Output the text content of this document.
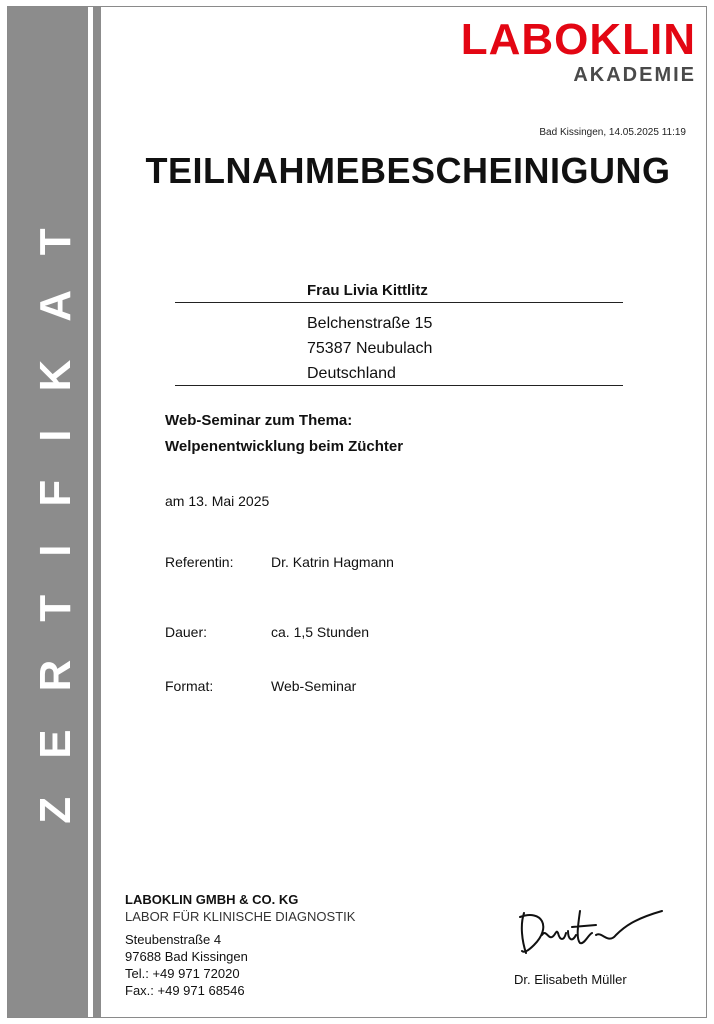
ZERTIFIKAT
LABOKLIN
AKADEMIE
Bad Kissingen, 14.05.2025 11:19
TEILNAHMEBESCHEINIGUNG
Frau Livia Kittlitz
Belchenstraße 15
75387 Neubulach
Deutschland
Web-Seminar zum Thema:
Welpenentwicklung beim Züchter
am 13. Mai 2025
Referentin:	Dr. Katrin Hagmann
Dauer:	ca. 1,5 Stunden
Format:	Web-Seminar
LABOKLIN GMBH & CO. KG
LABOR FÜR KLINISCHE DIAGNOSTIK
Steubenstraße 4
97688 Bad Kissingen
Tel.: +49 971 72020
Fax.: +49 971 68546
Dr. Elisabeth Müller
